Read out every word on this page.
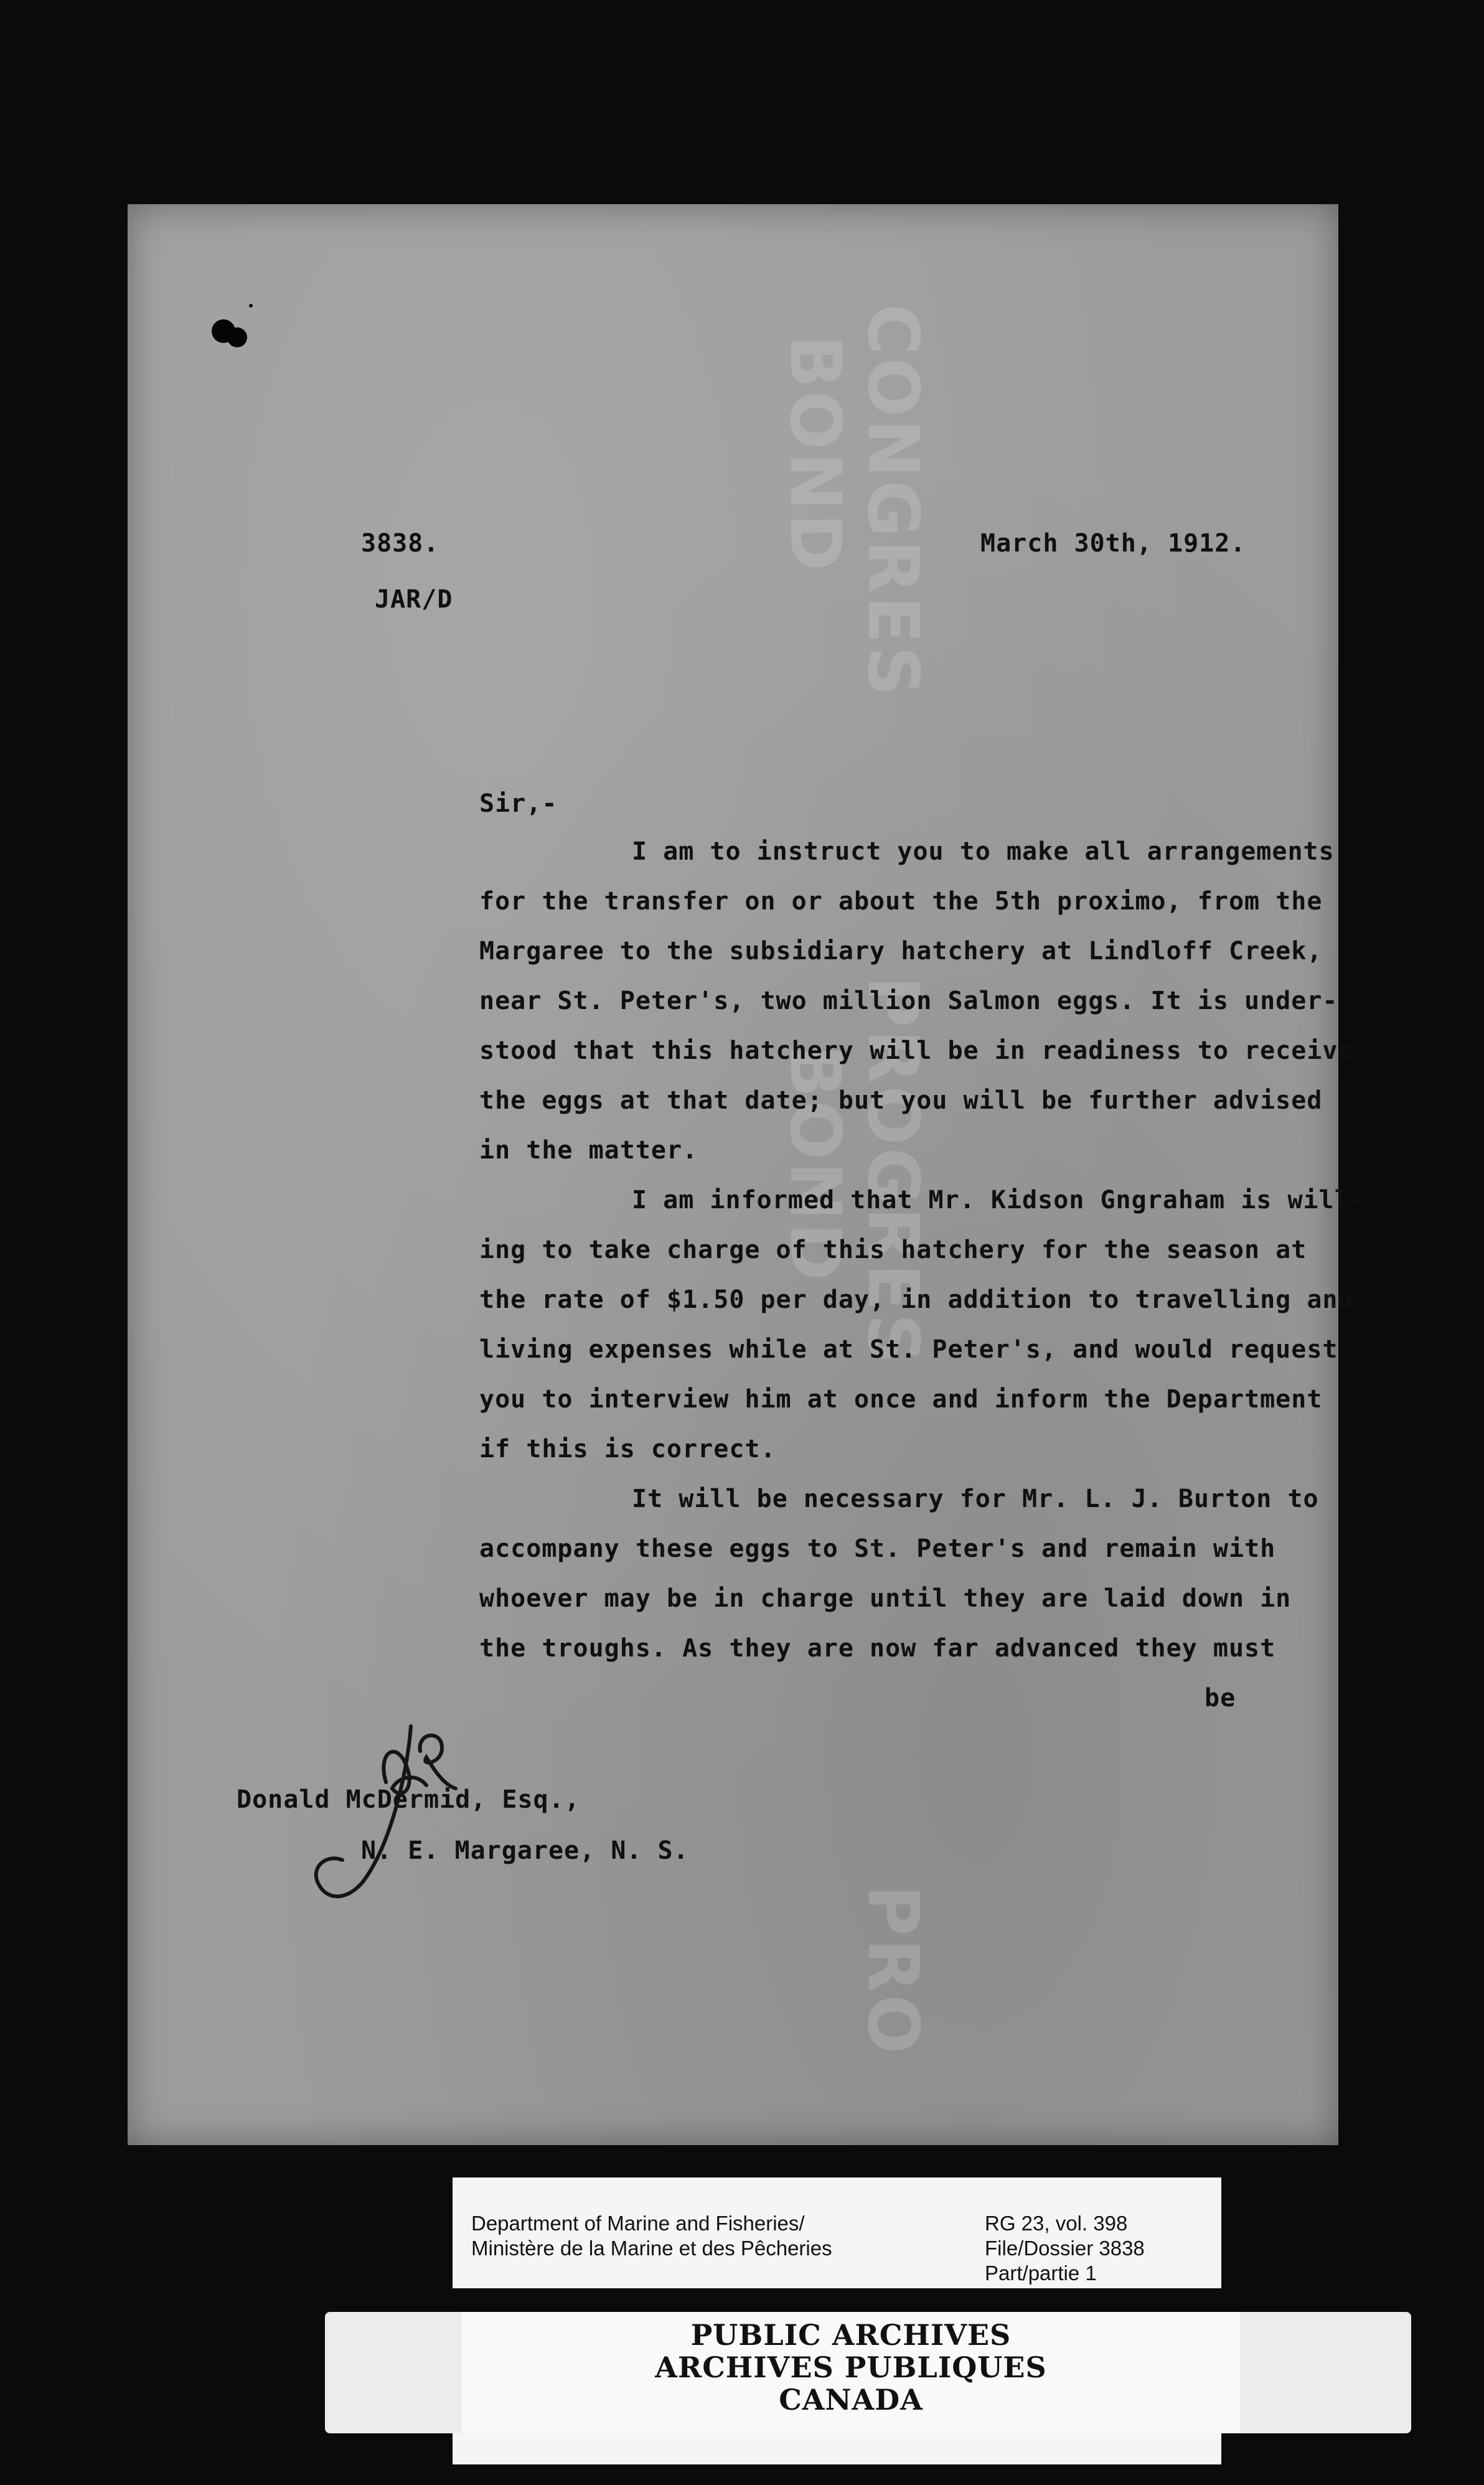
CONGRES
BOND
PROGRES
BOND
PRO
3838.
JAR/D
March 30th, 1912.
Sir,-
I am to instruct you to make all arrangements
for the transfer on or about the 5th proximo, from the
Margaree to the subsidiary hatchery at Lindloff Creek,
near St. Peter's, two million Salmon eggs. It is under-
stood that this hatchery will be in readiness to receive
the eggs at that date; but you will be further advised
in the matter.
I am informed that Mr. Kidson Gngraham is will-
ing to take charge of this hatchery for the season at
the rate of $1.50 per day, in addition to travelling and
living expenses while at St. Peter's, and would request
you to interview him at once and inform the Department
if this is correct.
It will be necessary for Mr. L. J. Burton to
accompany these eggs to St. Peter's and remain with
whoever may be in charge until they are laid down in
the troughs. As they are now far advanced they must
be
Donald McDermid, Esq.,
N. E. Margaree, N. S.
Department of Marine and Fisheries/
Ministère de la Marine et des Pêcheries
RG 23, vol. 398
File/Dossier 3838
Part/partie 1
PUBLIC ARCHIVES
ARCHIVES PUBLIQUES
CANADA
